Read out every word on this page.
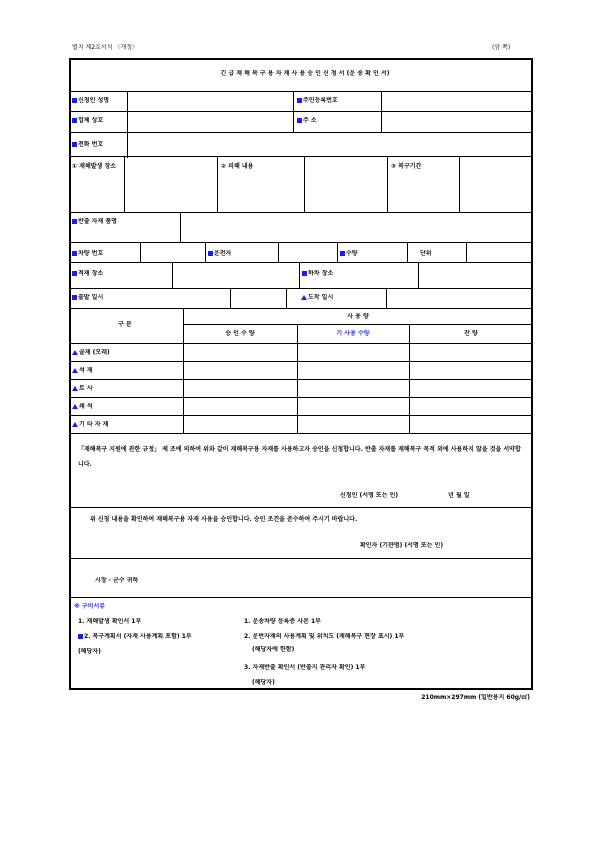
별지 제2호서식 〈개정〉	(앞 쪽)
긴 급 재 해 복 구 용 자 재 사 용 승 인 신 청 서 (운 송 확 인 서)
신청인 성명	주민등록번호
업체 상호	주 소
전화 번호
① 재해발생 장소	② 피해 내용	③ 복구기간
반출 자재 품명
차량 번호	운전자	수량	단위
적재 장소	하차 장소
출발 일시	도착 일시
구 분
사 용 량
승 인 수 량	기 사용 수량	잔 량
골재 (모래)
석 재
토 사
쇄 석
기 타 자 재
「재해복구 지원에 관한 규정」 제 조에 의하여 위와 같이 재해복구용 자재를 사용하고자 승인을 신청합니다. 반출 자재를 재해복구 목적 외에 사용하지 않을 것을 서약합니다.
신청인 (서명 또는 인)	년 월 일
위 신청 내용을 확인하여 재해복구용 자재 사용을 승인합니다. 승인 조건을 준수하여 주시기 바랍니다.
확인자 (기관명) (서명 또는 인)
시장 · 군수 귀하
※ 구비서류
1. 재해발생 확인서 1부
2. 복구계획서 (자재 사용계획 포함) 1부
(해당자)
1. 운송차량 등록증 사본 1부
2. 운반자재의 사용계획 및 위치도 (재해복구 현장 표시) 1부
(해당자에 한함)
3. 자재반출 확인서 (반출지 관리자 확인) 1부
(해당자)
210mm×297mm (일반용지 60g/㎡)
